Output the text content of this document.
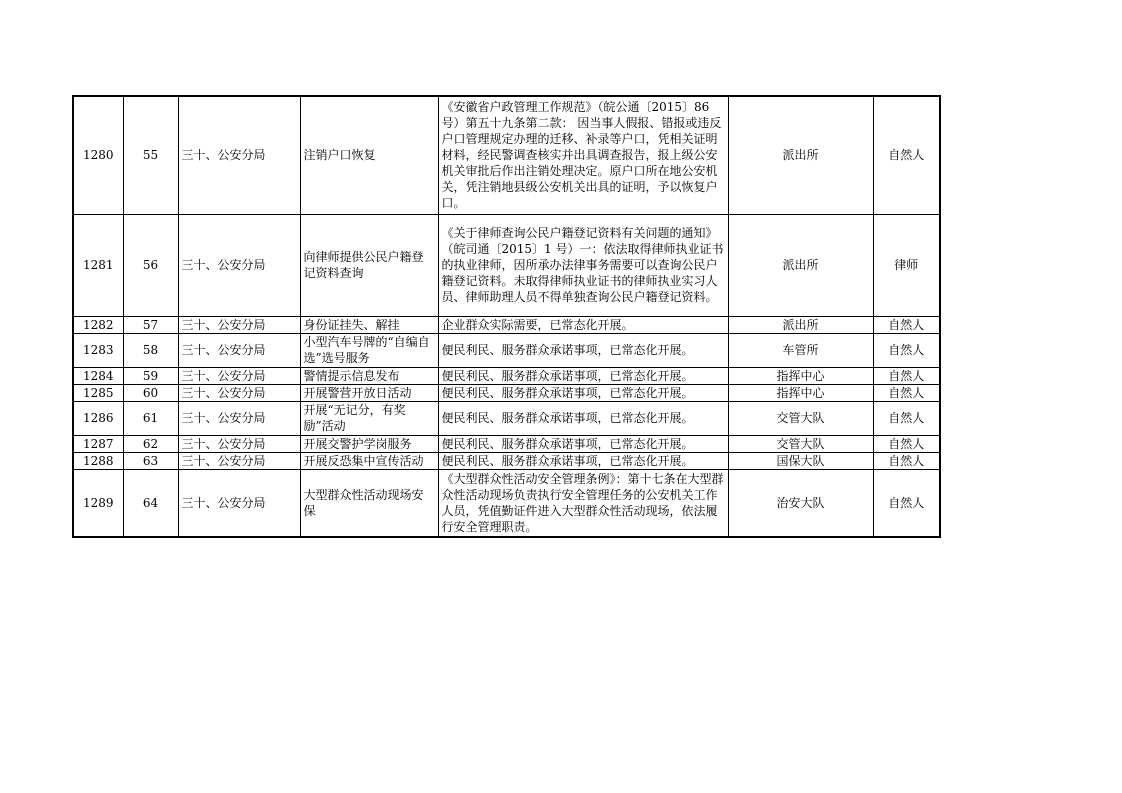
1280	55	三十、公安分局	注销户口恢复	《安徽省户政管理工作规范》（皖公通〔2015〕86号）第五十九条第二款： 因当事人假报、错报或违反户口管理规定办理的迁移、补录等户口，凭相关证明材料，经民警调查核实并出具调查报告，报上级公安机关审批后作出注销处理决定。原户口所在地公安机关，凭注销地县级公安机关出具的证明，予以恢复户口。	派出所	自然人
1281	56	三十、公安分局	向律师提供公民户籍登记资料查询	《关于律师查询公民户籍登记资料有关问题的通知》（皖司通〔2015〕1 号）一：依法取得律师执业证书的执业律师，因所承办法律事务需要可以查询公民户籍登记资料。未取得律师执业证书的律师执业实习人员、律师助理人员不得单独查询公民户籍登记资料。	派出所	律师
1282	57	三十、公安分局	身份证挂失、解挂	企业群众实际需要，已常态化开展。	派出所	自然人
1283	58	三十、公安分局	小型汽车号牌的“自编自选”选号服务	便民利民、服务群众承诺事项，已常态化开展。	车管所	自然人
1284	59	三十、公安分局	警情提示信息发布	便民利民、服务群众承诺事项，已常态化开展。	指挥中心	自然人
1285	60	三十、公安分局	开展警营开放日活动	便民利民、服务群众承诺事项，已常态化开展。	指挥中心	自然人
1286	61	三十、公安分局	开展“无记分，有奖励”活动	便民利民、服务群众承诺事项，已常态化开展。	交管大队	自然人
1287	62	三十、公安分局	开展交警护学岗服务	便民利民、服务群众承诺事项，已常态化开展。	交管大队	自然人
1288	63	三十、公安分局	开展反恐集中宣传活动	便民利民、服务群众承诺事项，已常态化开展。	国保大队	自然人
1289	64	三十、公安分局	大型群众性活动现场安保	《大型群众性活动安全管理条例》：第十七条在大型群众性活动现场负责执行安全管理任务的公安机关工作人员，凭值勤证件进入大型群众性活动现场，依法履行安全管理职责。	治安大队	自然人
